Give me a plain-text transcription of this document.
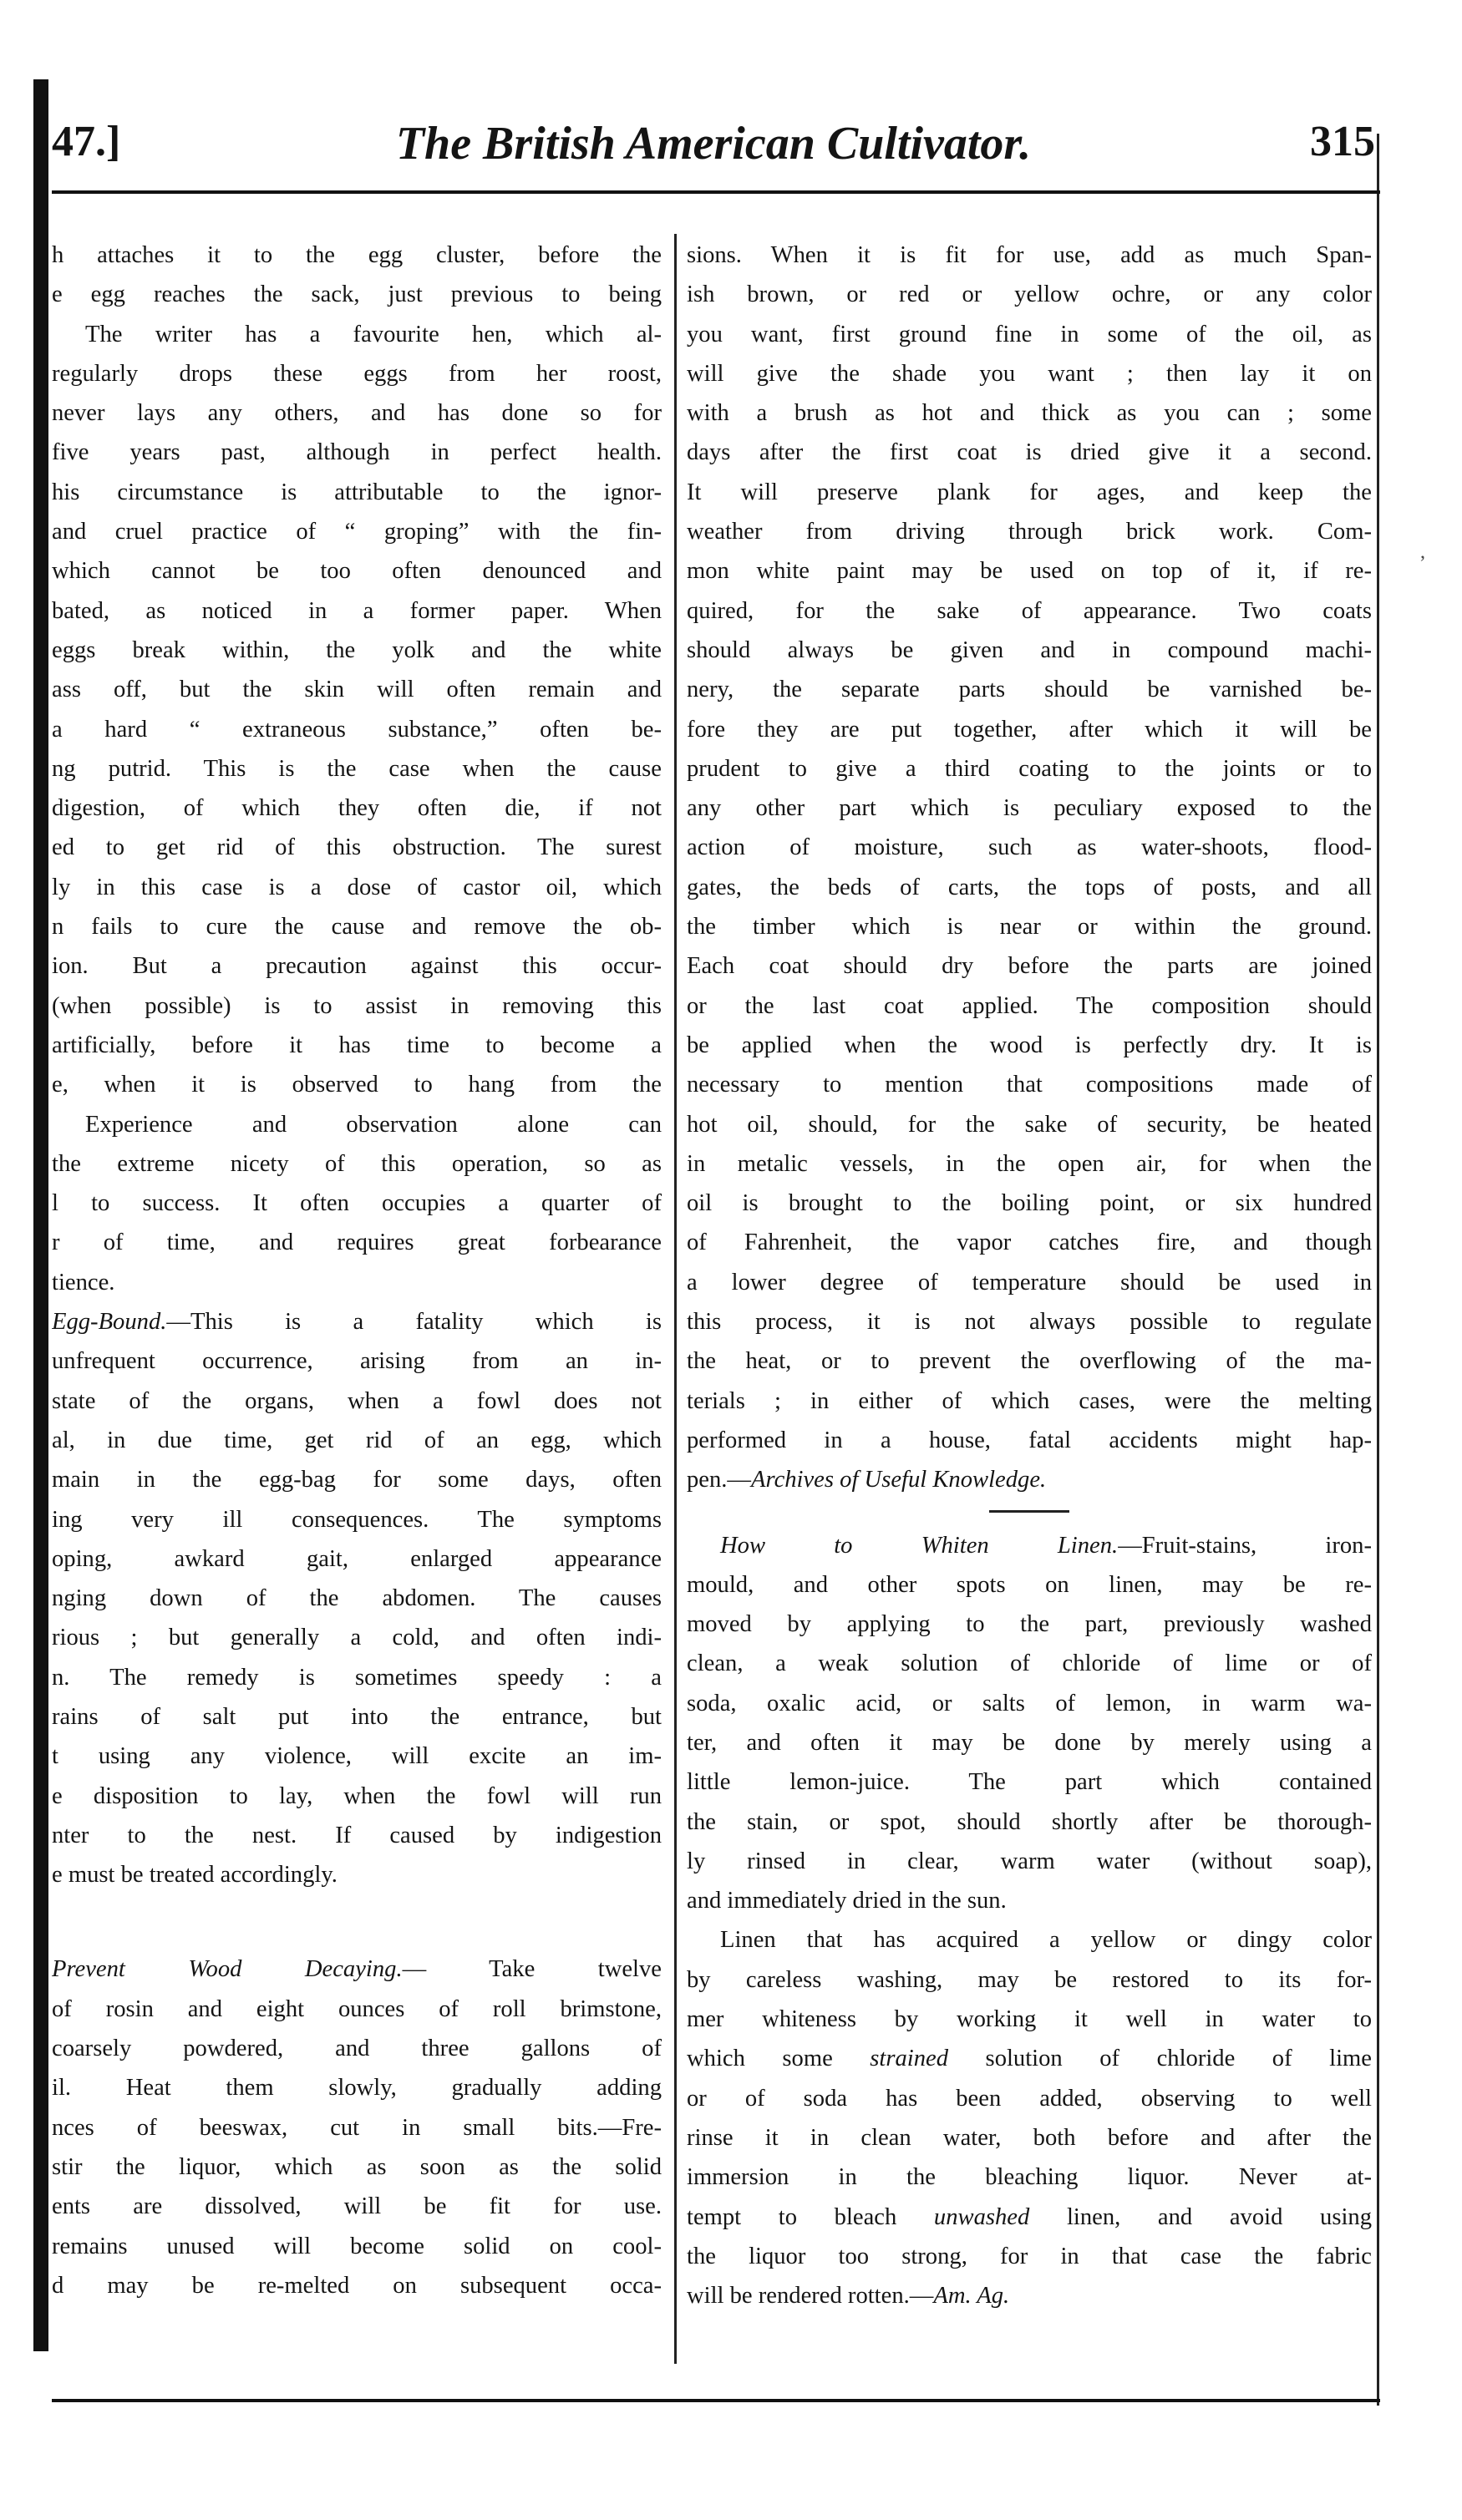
47.]	The British American Cultivator.	315
h attaches it to the egg cluster, before the
e egg reaches the sack, just previous to being
The writer has a favourite hen, which al-
regularly drops these eggs from her roost,
never lays any others, and has done so for
five years past, although in perfect health.
his circumstance is attributable to the ignor-
and cruel practice of “ groping” with the fin-
which cannot be too often denounced and
bated, as noticed in a former paper. When
eggs break within, the yolk and the white
ass off, but the skin will often remain and
a hard “ extraneous substance,” often be-
ng putrid. This is the case when the cause
digestion, of which they often die, if not
ed to get rid of this obstruction. The surest
ly in this case is a dose of castor oil, which
n fails to cure the cause and remove the ob-
ion. But a precaution against this occur-
(when possible) is to assist in removing this
artificially, before it has time to become a
e, when it is observed to hang from the
Experience and observation alone can
the extreme nicety of this operation, so as
l to success. It often occupies a quarter of
r of time, and requires great forbearance
tience.
Egg-Bound.—This is a fatality which is
unfrequent occurrence, arising from an in-
state of the organs, when a fowl does not
al, in due time, get rid of an egg, which
main in the egg-bag for some days, often
ing very ill consequences. The symptoms
oping, awkard gait, enlarged appearance
nging down of the abdomen. The causes
rious ; but generally a cold, and often indi-
n. The remedy is sometimes speedy : a
rains of salt put into the entrance, but
t using any violence, will excite an im-
e disposition to lay, when the fowl will run
nter to the nest. If caused by indigestion
e must be treated accordingly.
Prevent Wood Decaying.— Take twelve
of rosin and eight ounces of roll brimstone,
coarsely powdered, and three gallons of
il. Heat them slowly, gradually adding
nces of beeswax, cut in small bits.—Fre-
stir the liquor, which as soon as the solid
ents are dissolved, will be fit for use.
remains unused will become solid on cool-
d may be re-melted on subsequent occa-
sions. When it is fit for use, add as much Span-
ish brown, or red or yellow ochre, or any color
you want, first ground fine in some of the oil, as
will give the shade you want ; then lay it on
with a brush as hot and thick as you can ; some
days after the first coat is dried give it a second.
It will preserve plank for ages, and keep the
weather from driving through brick work. Com-
mon white paint may be used on top of it, if re-
quired, for the sake of appearance. Two coats
should always be given and in compound machi-
nery, the separate parts should be varnished be-
fore they are put together, after which it will be
prudent to give a third coating to the joints or to
any other part which is peculiary exposed to the
action of moisture, such as water-shoots, flood-
gates, the beds of carts, the tops of posts, and all
the timber which is near or within the ground.
Each coat should dry before the parts are joined
or the last coat applied. The composition should
be applied when the wood is perfectly dry. It is
necessary to mention that compositions made of
hot oil, should, for the sake of security, be heated
in metalic vessels, in the open air, for when the
oil is brought to the boiling point, or six hundred
of Fahrenheit, the vapor catches fire, and though
a lower degree of temperature should be used in
this process, it is not always possible to regulate
the heat, or to prevent the overflowing of the ma-
terials ; in either of which cases, were the melting
performed in a house, fatal accidents might hap-
pen.—Archives of Useful Knowledge.
How to Whiten Linen.—Fruit-stains, iron-
mould, and other spots on linen, may be re-
moved by applying to the part, previously washed
clean, a weak solution of chloride of lime or of
soda, oxalic acid, or salts of lemon, in warm wa-
ter, and often it may be done by merely using a
little lemon-juice. The part which contained
the stain, or spot, should shortly after be thorough-
ly rinsed in clear, warm water (without soap),
and immediately dried in the sun.
Linen that has acquired a yellow or dingy color
by careless washing, may be restored to its for-
mer whiteness by working it well in water to
which some strained solution of chloride of lime
or of soda has been added, observing to well
rinse it in clean water, both before and after the
immersion in the bleaching liquor. Never at-
tempt to bleach unwashed linen, and avoid using
the liquor too strong, for in that case the fabric
will be rendered rotten.—Am. Ag.
,
